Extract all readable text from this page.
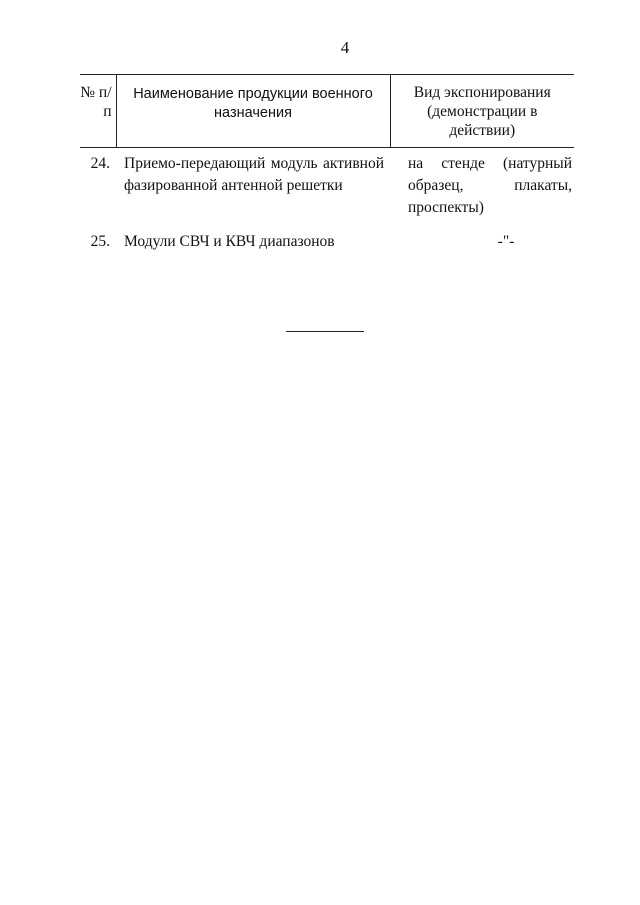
4
№ п/п	Наименование продукции военного назначения	Вид экспонирования (демонстрации в действии)
24.	Приемо-передающий модуль активной фазированной антенной решетки	на стенде (натурный образец, плакаты, проспекты)
25.	Модули СВЧ и КВЧ диапазонов	-"-
